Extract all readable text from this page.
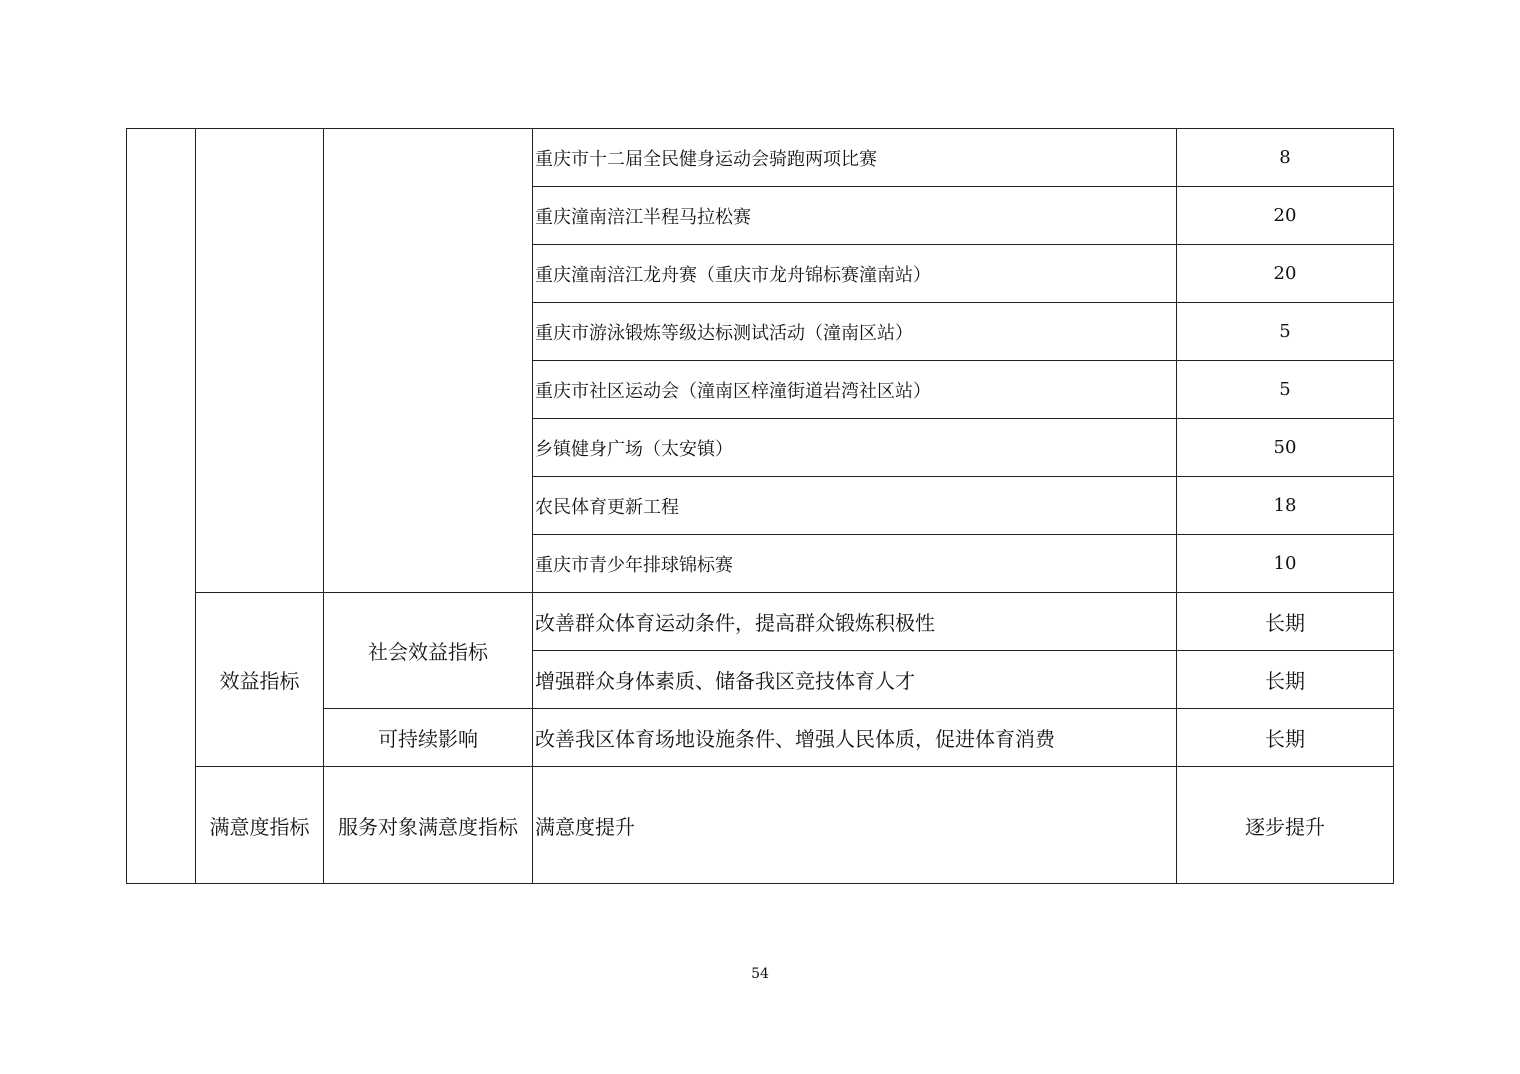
			重庆市十二届全民健身运动会骑跑两项比赛	8
			重庆潼南涪江半程马拉松赛	20
			重庆潼南涪江龙舟赛（重庆市龙舟锦标赛潼南站）	20
			重庆市游泳锻炼等级达标测试活动（潼南区站）	5
			重庆市社区运动会（潼南区梓潼街道岩湾社区站）	5
			乡镇健身广场（太安镇）	50
			农民体育更新工程	18
			重庆市青少年排球锦标赛	10
	效益指标	社会效益指标	改善群众体育运动条件，提高群众锻炼积极性	长期
			增强群众身体素质、储备我区竞技体育人才	长期
		可持续影响	改善我区体育场地设施条件、增强人民体质，促进体育消费	长期
	满意度指标	服务对象满意度指标	满意度提升	逐步提升
54
